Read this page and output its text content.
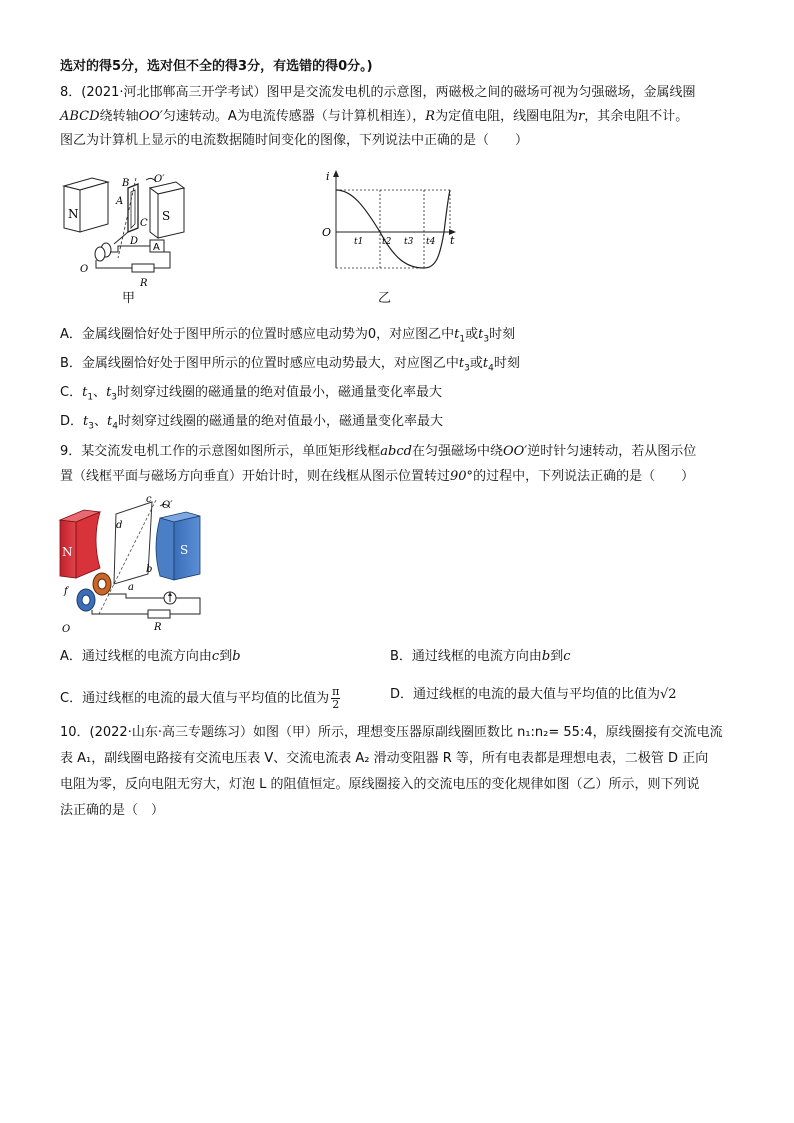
选对的得5分，选对但不全的得3分，有选错的得0分。)
8．(2021·河北邯郸高三开学考试）图甲是交流发电机的示意图，两磁极之间的磁场可视为匀强磁场，金属线圈
ABCD绕转轴OO′匀速转动。A为电流传感器（与计算机相连），R为定值电阻，线圈电阻为r，其余电阻不计。
图乙为计算机上显示的电流数据随时间变化的图像，下列说法中正确的是（　　）
N	S
B
A
C
D
O′
O
A
R
甲
i
O
t
t1 t2 t3 t4
乙
A．金属线圈恰好处于图甲所示的位置时感应电动势为0，对应图乙中$t_1$或$t_3$时刻
B．金属线圈恰好处于图甲所示的位置时感应电动势最大，对应图乙中$t_3$或$t_4$时刻
C．$t_1$、$t_3$时刻穿过线圈的磁通量的绝对值最小，磁通量变化率最大
D．$t_3$、$t_4$时刻穿过线圈的磁通量的绝对值最小，磁通量变化率最大
9．某交流发电机工作的示意图如图所示，单匝矩形线框abcd在匀强磁场中绕OO′逆时针匀速转动，若从图示位
置（线框平面与磁场方向垂直）开始计时，则在线框从图示位置转过90°的过程中，下列说法正确的是（　　）
N	S
c
d
b
a
O′
f
O	R
A．通过线框的电流方向由c到b	B．通过线框的电流方向由b到c
C．通过线框的电流的最大值与平均值的比值为 $\frac{\pi}{2}$	D．通过线框的电流的最大值与平均值的比值为√2
10．(2022·山东·高三专题练习）如图（甲）所示，理想变压器原副线圈匝数比 n₁:n₂= 55:4，原线圈接有交流电流
表 A₁，副线圈电路接有交流电压表 V、交流电流表 A₂ 滑动变阻器 R 等，所有电表都是理想电表，二极管 D 正向
电阻为零，反向电阻无穷大，灯泡 L 的阻值恒定。原线圈接入的交流电压的变化规律如图（乙）所示，则下列说
法正确的是（　）
